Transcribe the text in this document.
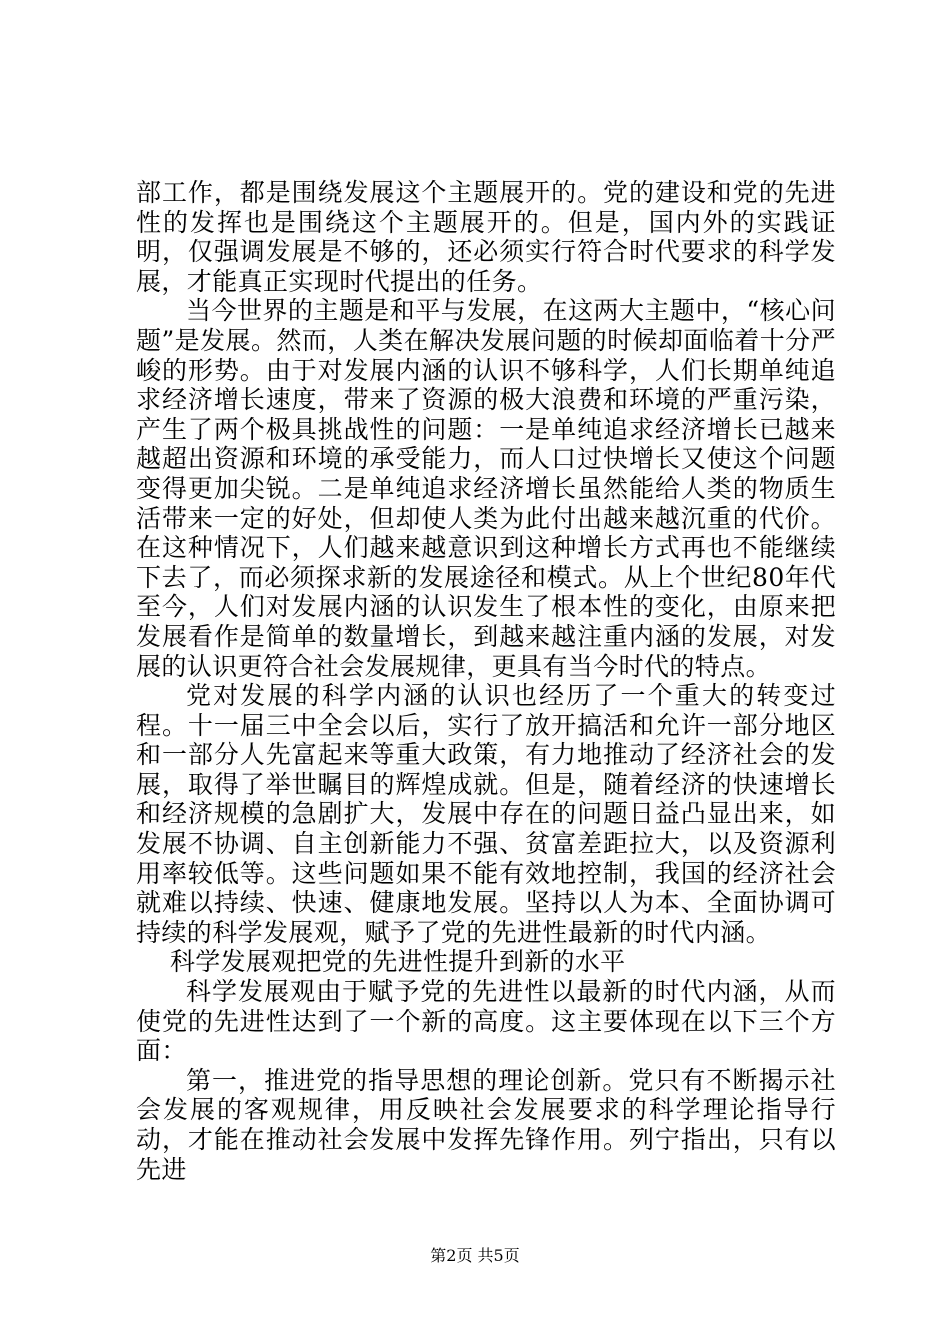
部工作，都是围绕发展这个主题展开的。党的建设和党的先进性的发挥也是围绕这个主题展开的。但是，国内外的实践证明，仅强调发展是不够的，还必须实行符合时代要求的科学发展，才能真正实现时代提出的任务。

当今世界的主题是和平与发展，在这两大主题中，“核心问题”是发展。然而，人类在解决发展问题的时候却面临着十分严峻的形势。由于对发展内涵的认识不够科学，人们长期单纯追求经济增长速度，带来了资源的极大浪费和环境的严重污染，产生了两个极具挑战性的问题：一是单纯追求经济增长已越来越超出资源和环境的承受能力，而人口过快增长又使这个问题变得更加尖锐。二是单纯追求经济增长虽然能给人类的物质生活带来一定的好处，但却使人类为此付出越来越沉重的代价。在这种情况下，人们越来越意识到这种增长方式再也不能继续下去了，而必须探求新的发展途径和模式。从上个世纪80年代至今，人们对发展内涵的认识发生了根本性的变化，由原来把发展看作是简单的数量增长，到越来越注重内涵的发展，对发展的认识更符合社会发展规律，更具有当今时代的特点。

党对发展的科学内涵的认识也经历了一个重大的转变过程。十一届三中全会以后，实行了放开搞活和允许一部分地区和一部分人先富起来等重大政策，有力地推动了经济社会的发展，取得了举世瞩目的辉煌成就。但是，随着经济的快速增长和经济规模的急剧扩大，发展中存在的问题日益凸显出来，如发展不协调、自主创新能力不强、贫富差距拉大，以及资源利用率较低等。这些问题如果不能有效地控制，我国的经济社会就难以持续、快速、健康地发展。坚持以人为本、全面协调可持续的科学发展观，赋予了党的先进性最新的时代内涵。

科学发展观把党的先进性提升到新的水平

科学发展观由于赋予党的先进性以最新的时代内涵，从而使党的先进性达到了一个新的高度。这主要体现在以下三个方面：

第一，推进党的指导思想的理论创新。党只有不断揭示社会发展的客观规律，用反映社会发展要求的科学理论指导行动，才能在推动社会发展中发挥先锋作用。列宁指出，只有以先进

第2页 共5页
